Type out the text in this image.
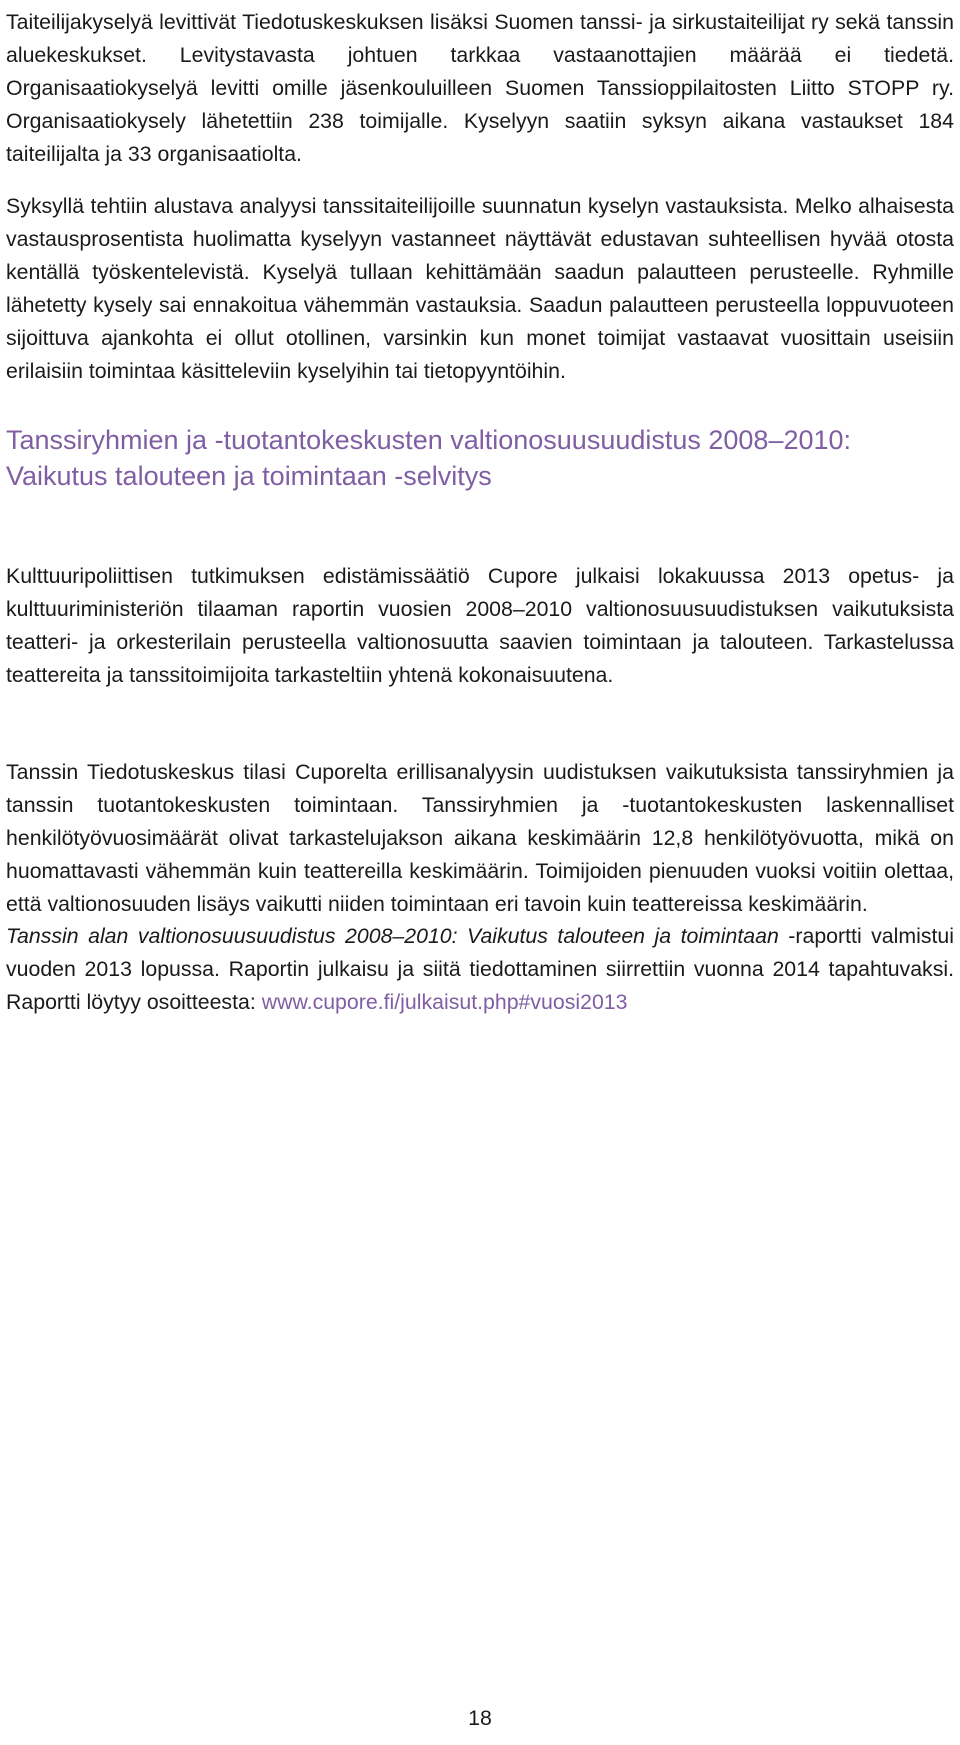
Taiteilijakyselyä levittivät Tiedotuskeskuksen lisäksi Suomen tanssi- ja sirkustaiteilijat ry sekä tanssin aluekeskukset. Levitystavasta johtuen tarkkaa vastaanottajien määrää ei tiedetä. Organisaatiokyselyä levitti omille jäsenkouluilleen Suomen Tanssioppilaitosten Liitto STOPP ry. Organisaatiokysely lähetettiin 238 toimijalle. Kyselyyn saatiin syksyn aikana vastaukset 184 taiteilijalta ja 33 organisaatiolta.

Syksyllä tehtiin alustava analyysi tanssitaiteilijoille suunnatun kyselyn vastauksista. Melko alhaisesta vastausprosentista huolimatta kyselyyn vastanneet näyttävät edustavan suhteellisen hyvää otosta kentällä työskentelevistä. Kyselyä tullaan kehittämään saadun palautteen perusteelle. Ryhmille lähetetty kysely sai ennakoitua vähemmän vastauksia. Saadun palautteen perusteella loppuvuoteen sijoittuva ajankohta ei ollut otollinen, varsinkin kun monet toimijat vastaavat vuosittain useisiin erilaisiin toimintaa käsitteleviin kyselyihin tai tietopyyntöihin.

Tanssiryhmien ja -tuotantokeskusten valtionosuusuudistus 2008–2010:
Vaikutus talouteen ja toimintaan -selvitys

Kulttuuripoliittisen tutkimuksen edistämissäätiö Cupore julkaisi lokakuussa 2013 opetus- ja kulttuuriministeriön tilaaman raportin vuosien 2008–2010 valtionosuusuudistuksen vaikutuksista teatteri- ja orkesterilain perusteella valtionosuutta saavien toimintaan ja talouteen. Tarkastelussa teattereita ja tanssitoimijoita tarkasteltiin yhtenä kokonaisuutena.

Tanssin Tiedotuskeskus tilasi Cuporelta erillisanalyysin uudistuksen vaikutuksista tanssiryhmien ja tanssin tuotantokeskusten toimintaan. Tanssiryhmien ja -tuotantokeskusten laskennalliset henkilötyövuosimäärät olivat tarkastelujakson aikana keskimäärin 12,8 henkilötyövuotta, mikä on huomattavasti vähemmän kuin teattereilla keskimäärin. Toimijoiden pienuuden vuoksi voitiin olettaa, että valtionosuuden lisäys vaikutti niiden toimintaan eri tavoin kuin teattereissa keskimäärin.

Tanssin alan valtionosuusuudistus 2008–2010: Vaikutus talouteen ja toimintaan -raportti valmistui vuoden 2013 lopussa. Raportin julkaisu ja siitä tiedottaminen siirrettiin vuonna 2014 tapahtuvaksi. Raportti löytyy osoitteesta: www.cupore.fi/julkaisut.php#vuosi2013

18
